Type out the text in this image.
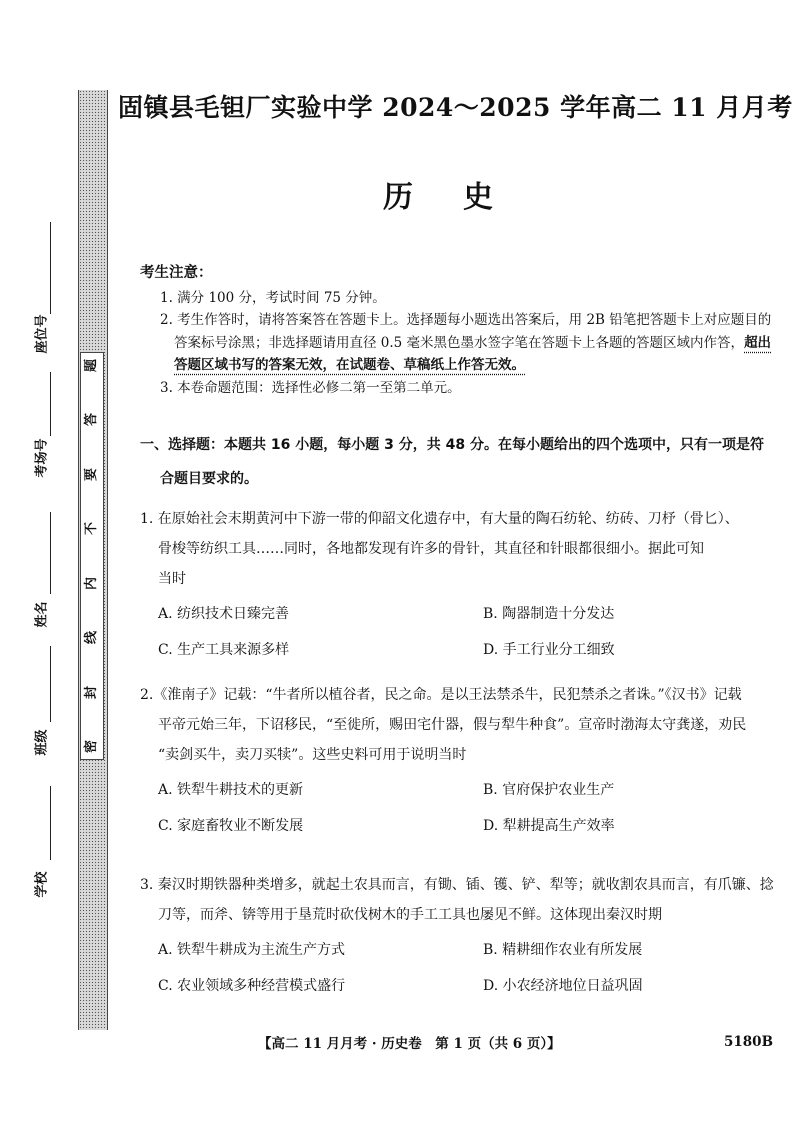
题
答
要
不
内
线
封
密
座位号
考场号
姓名
班级
学校
固镇县毛钽厂实验中学 2024～2025 学年高二 11 月月考
历史
考生注意：
1. 满分 100 分，考试时间 75 分钟。
2. 考生作答时，请将答案答在答题卡上。选择题每小题选出答案后，用 2B 铅笔把答题卡上对应题目的答案标号涂黑；非选择题请用直径 0.5 毫米黑色墨水签字笔在答题卡上各题的答题区域内作答，超出答题区域书写的答案无效，在试题卷、草稿纸上作答无效。
3. 本卷命题范围：选择性必修二第一至第二单元。
一、选择题：本题共 16 小题，每小题 3 分，共 48 分。在每小题给出的四个选项中，只有一项是符
合题目要求的。
1. 在原始社会末期黄河中下游一带的仰韶文化遗存中，有大量的陶石纺轮、纺砖、刀杼（骨匕）、
骨梭等纺织工具……同时，各地都发现有许多的骨针，其直径和针眼都很细小。据此可知
当时
A. 纺织技术日臻完善	B. 陶器制造十分发达
C. 生产工具来源多样	D. 手工行业分工细致
2.《淮南子》记载：“牛者所以植谷者，民之命。是以王法禁杀牛，民犯禁杀之者诛。”《汉书》记载
平帝元始三年，下诏移民，“至徙所，赐田宅什器，假与犁牛种食”。宣帝时渤海太守龚遂，劝民
“卖剑买牛，卖刀买犊”。这些史料可用于说明当时
A. 铁犁牛耕技术的更新	B. 官府保护农业生产
C. 家庭畜牧业不断发展	D. 犁耕提高生产效率
3. 秦汉时期铁器种类增多，就起土农具而言，有锄、锸、镬、铲、犁等；就收割农具而言，有爪镰、捻
刀等，而斧、锛等用于垦荒时砍伐树木的手工工具也屡见不鲜。这体现出秦汉时期
A. 铁犁牛耕成为主流生产方式	B. 精耕细作农业有所发展
C. 农业领域多种经营模式盛行	D. 小农经济地位日益巩固
【高二 11 月月考 · 历史卷　第 1 页（共 6 页）】	5180B
